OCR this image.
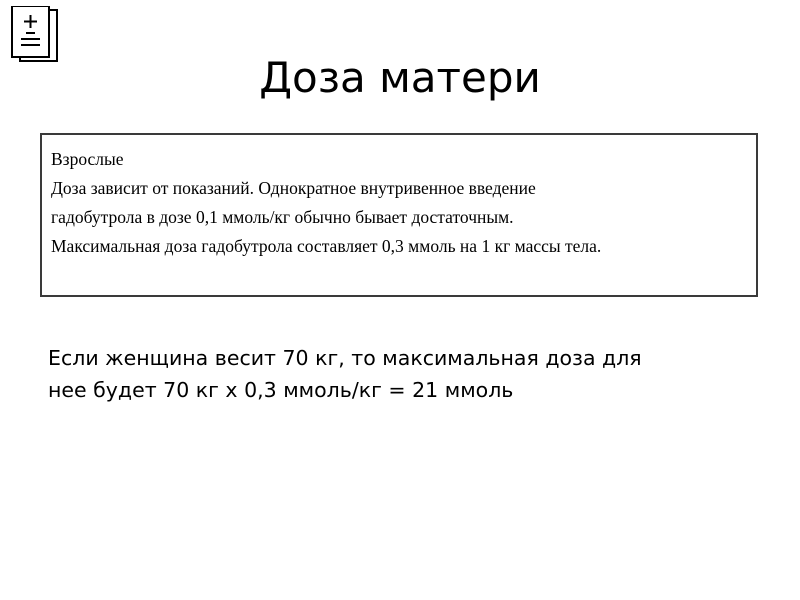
Доза матери

Взрослые

Доза зависит от показаний. Однократное внутривенное введение

гадобутрола в дозе 0,1 ммоль/кг обычно бывает достаточным.

Максимальная доза гадобутрола составляет 0,3 ммоль на 1 кг массы тела.

Если женщина весит 70 кг, то максимальная доза для

нее будет 70 кг x 0,3 ммоль/кг = 21 ммоль
